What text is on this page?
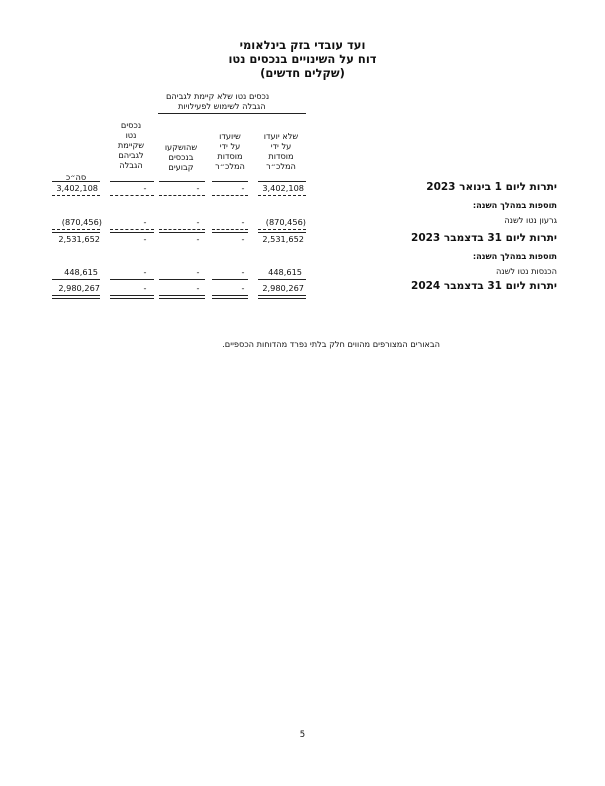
ועד עובדי בזק בינלאומי
דוח על השינויים בנכסים נטו
(שקלים חדשים)
נכסים נטו שלא קיימת לגביהם
הגבלה לשימוש לפעילויות
שלא יועדו
על ידי
מוסדות
המלכ״ר
שיועדו
על ידי
מוסדות
המלכ״ר
שהושקעו
בנכסים
קבועים
נכסים
נטו
שקיימת
לגביהם
הגבלה
סה״כ
יתרות ליום 1 בינואר 2023
3,402,108
-
-
-
3,402,108
תוספות במהלך השנה:
גרעון נטו לשנה
(870,456)
-
-
-
(870,456)
יתרות ליום 31 בדצמבר 2023
2,531,652
-
-
-
2,531,652
תוספות במהלך השנה:
הכנסות נטו לשנה
448,615
-
-
-
448,615
יתרות ליום 31 בדצמבר 2024
2,980,267
-
-
-
2,980,267
הבאורים המצורפים מהווים חלק בלתי נפרד מהדוחות הכספיים.
5
